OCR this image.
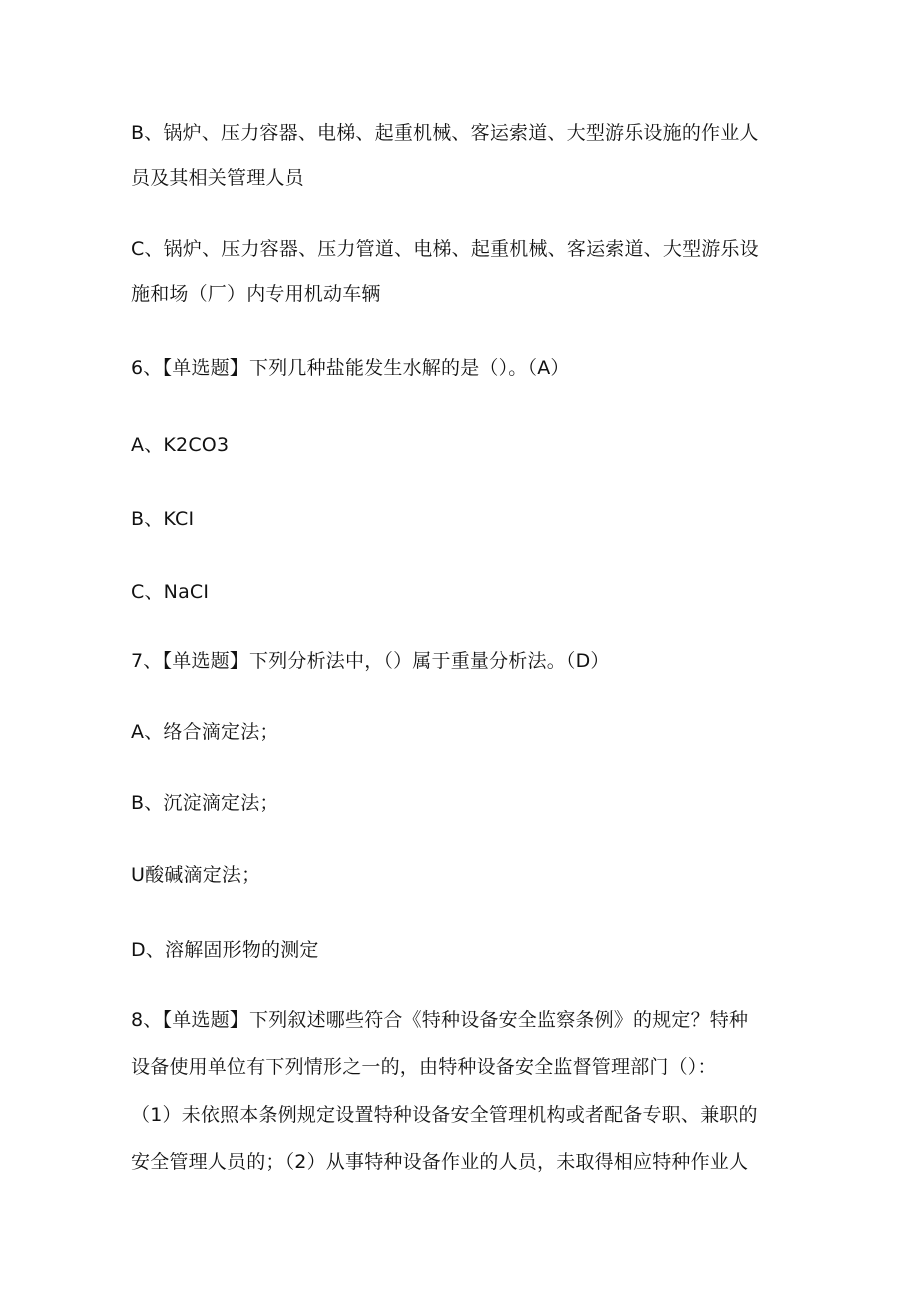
B、锅炉、压力容器、电梯、起重机械、客运索道、大型游乐设施的作业人
员及其相关管理人员
C、锅炉、压力容器、压力管道、电梯、起重机械、客运索道、大型游乐设
施和场（厂）内专用机动车辆
6、【单选题】下列几种盐能发生水解的是（）。（A）
A、K2CO3
B、KCI
C、NaCI
7、【单选题】下列分析法中，（）属于重量分析法。（D）
A、络合滴定法；
B、沉淀滴定法；
U酸碱滴定法；
D、溶解固形物的测定
8、【单选题】下列叙述哪些符合《特种设备安全监察条例》的规定？特种
设备使用单位有下列情形之一的，由特种设备安全监督管理部门（）：
（1）未依照本条例规定设置特种设备安全管理机构或者配备专职、兼职的
安全管理人员的；（2）从事特种设备作业的人员，未取得相应特种作业人
